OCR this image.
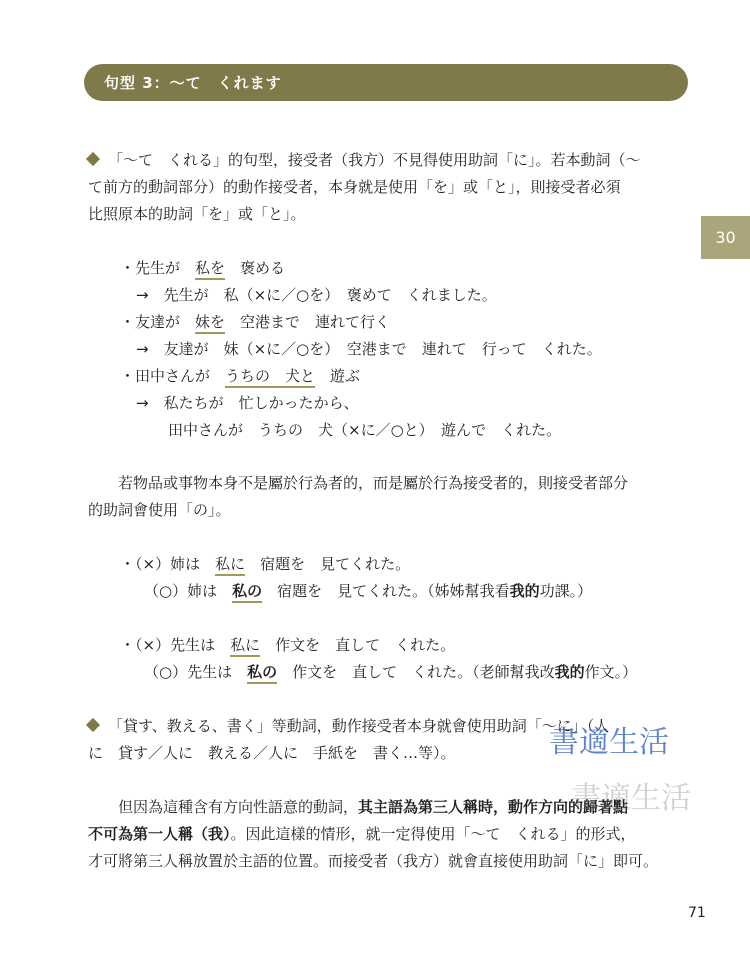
句型 3：〜て　くれます
30
「〜て　くれる」的句型，接受者（我方）不見得使用助詞「に」。若本動詞（〜
て前方的動詞部分）的動作接受者，本身就是使用「を」或「と」，則接受者必須
比照原本的助詞「を」或「と」。
・先生が　私を　褒める
→　先生が　私（×に／○を）　褒めて　くれました。
・友達が　妹を　空港まで　連れて行く
→　友達が　妹（×に／○を）　空港まで　連れて　行って　くれた。
・田中さんが　うちの　犬と　遊ぶ
→　私たちが　忙しかったから、
田中さんが　うちの　犬（×に／○と）　遊んで　くれた。
若物品或事物本身不是屬於行為者的，而是屬於行為接受者的，則接受者部分
的助詞會使用「の」。
・（×）姉は　私に　宿題を　見てくれた。
（○）姉は　私の　宿題を　見てくれた。（姊姊幫我看我的功課。）
・（×）先生は　私に　作文を　直して　くれた。
（○）先生は　私の　作文を　直して　くれた。（老師幫我改我的作文。）
「貸す、教える、書く」等動詞，動作接受者本身就會使用助詞「〜に」（人
に　貸す／人に　教える／人に　手紙を　書く…等）。
但因為這種含有方向性語意的動詞，其主語為第三人稱時，動作方向的歸著點
不可為第一人稱（我）。因此這樣的情形，就一定得使用「〜て　くれる」的形式，
才可將第三人稱放置於主語的位置。而接受者（我方）就會直接使用助詞「に」即可。
書適生活
書適生活
71
